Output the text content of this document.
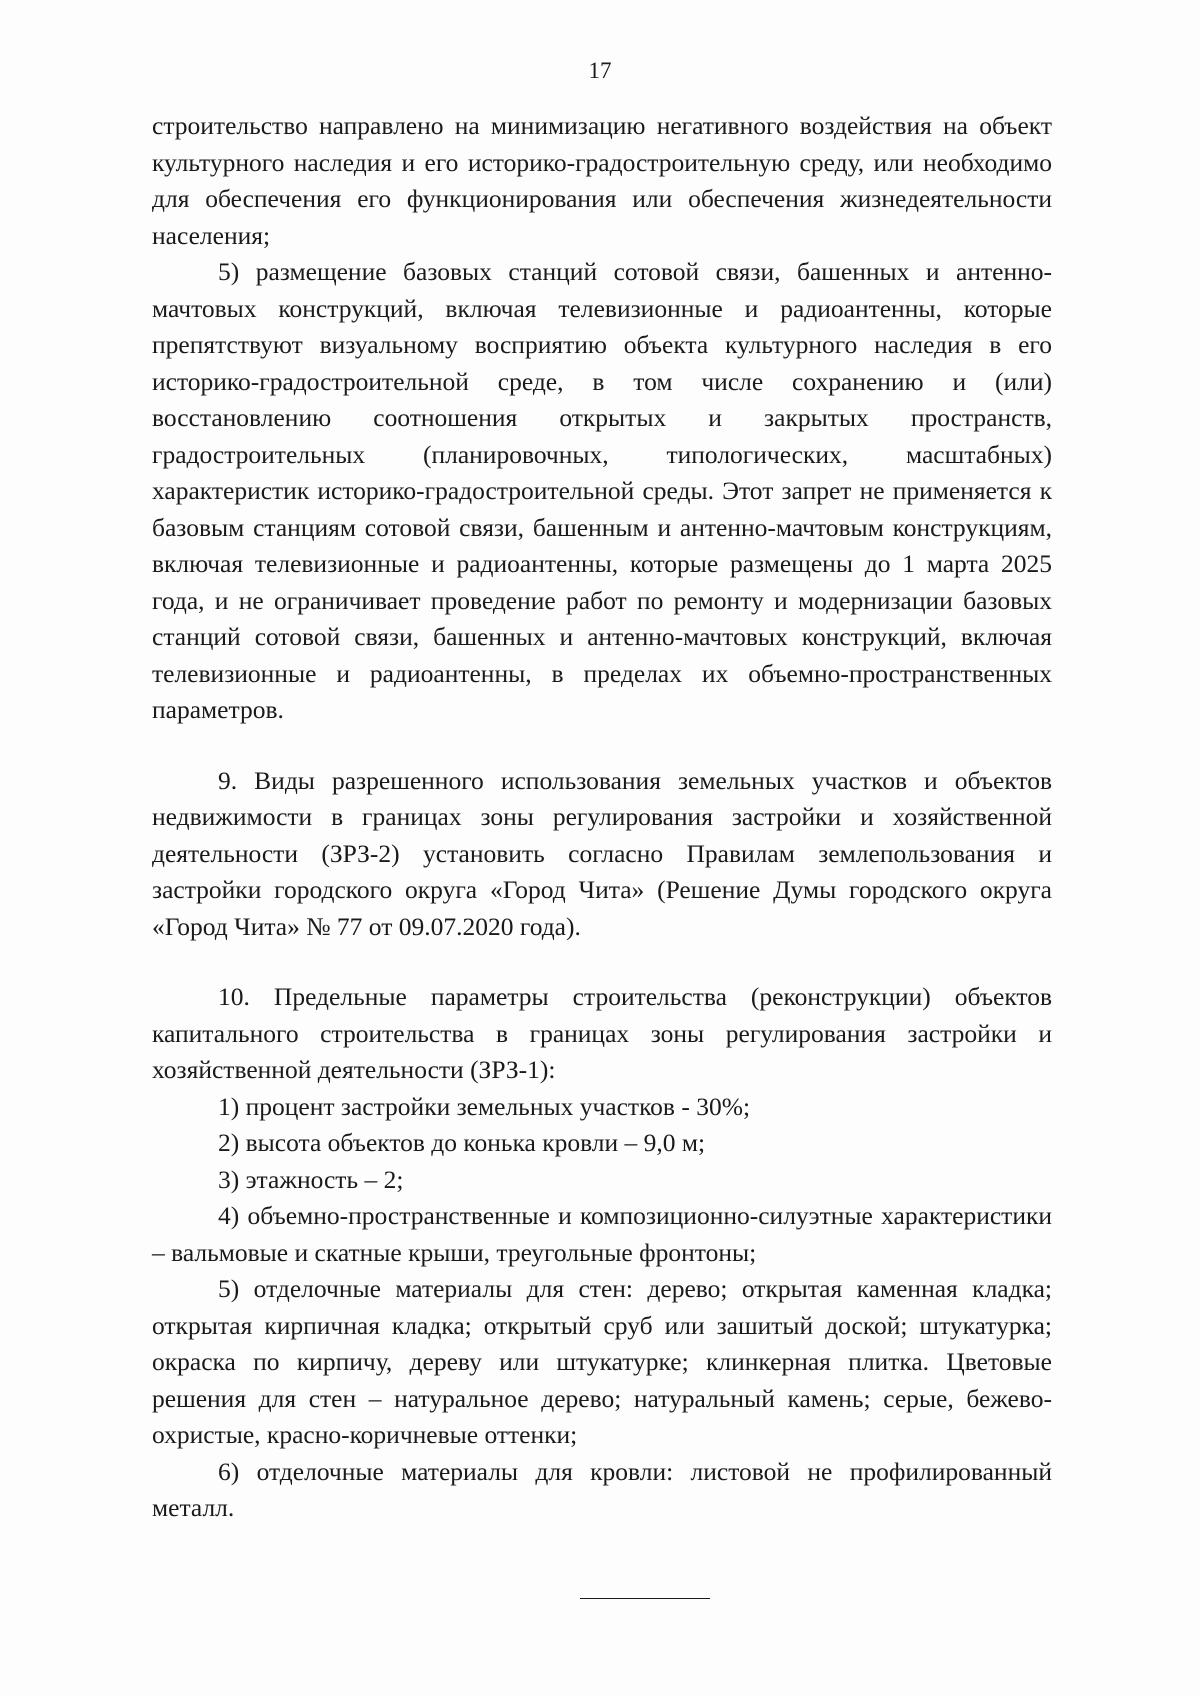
17

строительство направлено на минимизацию негативного воздействия на объект культурного наследия и его историко-градостроительную среду, или необходимо для обеспечения его функционирования или обеспечения жизнедеятельности населения;

5) размещение базовых станций сотовой связи, башенных и антенно-мачтовых конструкций, включая телевизионные и радиоантенны, которые препятствуют визуальному восприятию объекта культурного наследия в его историко-градостроительной среде, в том числе сохранению и (или) восстановлению соотношения открытых и закрытых пространств, градостроительных (планировочных, типологических, масштабных) характеристик историко-градостроительной среды. Этот запрет не применяется к базовым станциям сотовой связи, башенным и антенно-мачтовым конструкциям, включая телевизионные и радиоантенны, которые размещены до 1 марта 2025 года, и не ограничивает проведение работ по ремонту и модернизации базовых станций сотовой связи, башенных и антенно-мачтовых конструкций, включая телевизионные и радиоантенны, в пределах их объемно-пространственных параметров.

9. Виды разрешенного использования земельных участков и объектов недвижимости в границах зоны регулирования застройки и хозяйственной деятельности (ЗРЗ-2) установить согласно Правилам землепользования и застройки городского округа «Город Чита» (Решение Думы городского округа «Город Чита» № 77 от 09.07.2020 года).

10. Предельные параметры строительства (реконструкции) объектов капитального строительства в границах зоны регулирования застройки и хозяйственной деятельности (ЗРЗ-1):

1) процент застройки земельных участков - 30%;

2) высота объектов до конька кровли – 9,0 м;

3) этажность – 2;

4) объемно-пространственные и композиционно-силуэтные характеристики – вальмовые и скатные крыши, треугольные фронтоны;

5) отделочные материалы для стен: дерево; открытая каменная кладка; открытая кирпичная кладка; открытый сруб или зашитый доской; штукатурка; окраска по кирпичу, дереву или штукатурке; клинкерная плитка. Цветовые решения для стен – натуральное дерево; натуральный камень; серые, бежево-охристые, красно-коричневые оттенки;

6) отделочные материалы для кровли: листовой не профилированный металл.
